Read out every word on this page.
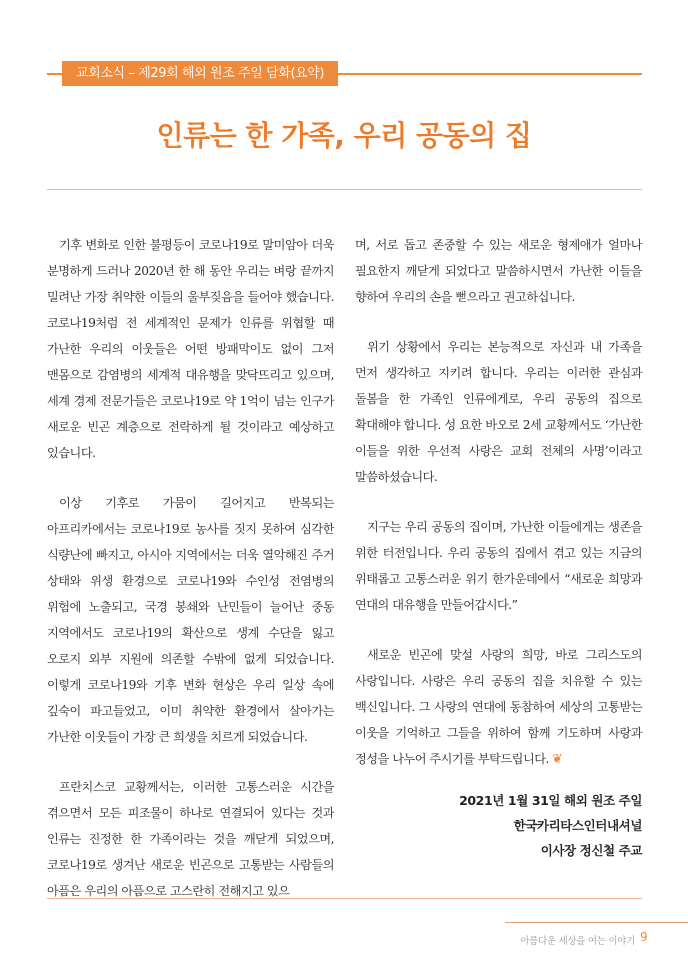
교회소식 – 제29회 해외 원조 주일 담화(요약)
인류는 한 가족, 우리 공동의 집

기후 변화로 인한 불평등이 코로나19로 말미암아 더욱 분명하게 드러나 2020년 한 해 동안 우리는 벼랑 끝까지 밀려난 가장 취약한 이들의 울부짖음을 들어야 했습니다. 코로나19처럼 전 세계적인 문제가 인류를 위협할 때 가난한 우리의 이웃들은 어떤 방패막이도 없이 그저 맨몸으로 감염병의 세계적 대유행을 맞닥뜨리고 있으며, 세계 경제 전문가들은 코로나19로 약 1억이 넘는 인구가 새로운 빈곤 계층으로 전락하게 될 것이라고 예상하고 있습니다.

이상 기후로 가뭄이 길어지고 반복되는 아프리카에서는 코로나19로 농사를 짓지 못하여 심각한 식량난에 빠지고, 아시아 지역에서는 더욱 열악해진 주거 상태와 위생 환경으로 코로나19와 수인성 전염병의 위험에 노출되고, 국경 봉쇄와 난민들이 늘어난 중동 지역에서도 코로나19의 확산으로 생계 수단을 잃고 오로지 외부 지원에 의존할 수밖에 없게 되었습니다. 이렇게 코로나19와 기후 변화 현상은 우리 일상 속에 깊숙이 파고들었고, 이미 취약한 환경에서 살아가는 가난한 이웃들이 가장 큰 희생을 치르게 되었습니다.

프란치스코 교황께서는, 이러한 고통스러운 시간을 겪으면서 모든 피조물이 하나로 연결되어 있다는 것과 인류는 진정한 한 가족이라는 것을 깨닫게 되었으며, 코로나19로 생겨난 새로운 빈곤으로 고통받는 사람들의 아픔은 우리의 아픔으로 고스란히 전해지고 있으

며, 서로 돕고 존중할 수 있는 새로운 형제애가 얼마나 필요한지 깨닫게 되었다고 말씀하시면서 가난한 이들을 향하여 우리의 손을 뻗으라고 권고하십니다.

위기 상황에서 우리는 본능적으로 자신과 내 가족을 먼저 생각하고 지키려 합니다. 우리는 이러한 관심과 돌봄을 한 가족인 인류에게로, 우리 공동의 집으로 확대해야 합니다. 성 요한 바오로 2세 교황께서도 ‘가난한 이들을 위한 우선적 사랑은 교회 전체의 사명’이라고 말씀하셨습니다.

지구는 우리 공동의 집이며, 가난한 이들에게는 생존을 위한 터전입니다. 우리 공동의 집에서 겪고 있는 지금의 위태롭고 고통스러운 위기 한가운데에서 “새로운 희망과 연대의 대유행을 만들어갑시다.”

새로운 빈곤에 맞설 사랑의 희망, 바로 그리스도의 사랑입니다. 사랑은 우리 공동의 집을 치유할 수 있는 백신입니다. 그 사랑의 연대에 동참하여 세상의 고통받는 이웃을 기억하고 그들을 위하여 함께 기도하며 사랑과 정성을 나누어 주시기를 부탁드립니다. ❦

2021년 1월 31일 해외 원조 주일
한국카리타스인터내셔널
이사장 정신철 주교
아름다운 세상을 여는 이야기 9
